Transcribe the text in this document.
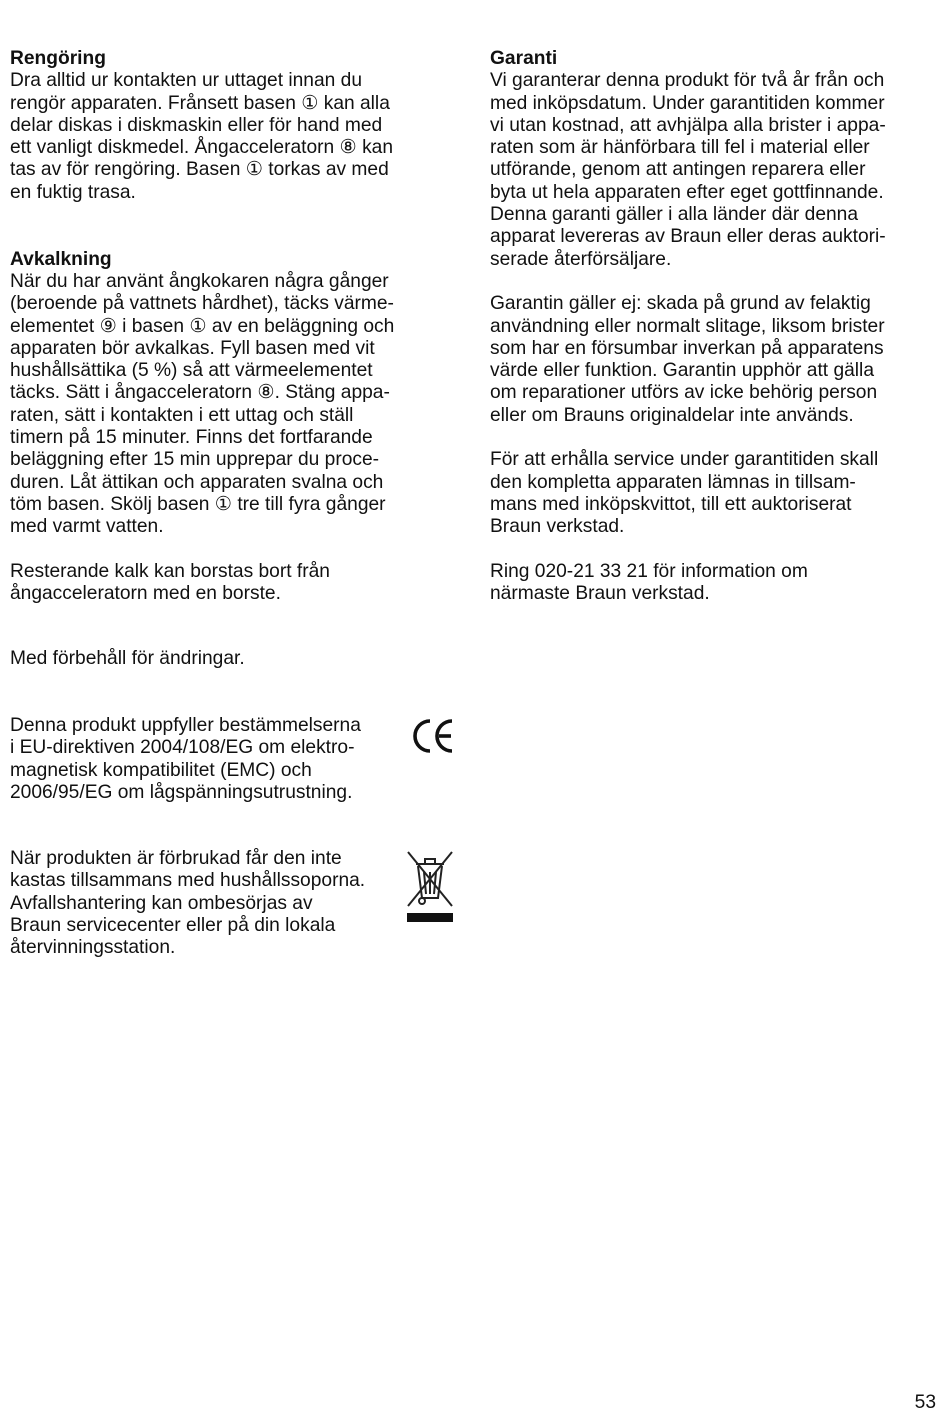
Rengöring

Dra alltid ur kontakten ur uttaget innan du
rengör apparaten. Frånsett basen ① kan alla
delar diskas i diskmaskin eller för hand med
ett vanligt diskmedel. Ångacceleratorn ⑧ kan
tas av för rengöring. Basen ① torkas av med
en fuktig trasa.

Avkalkning

När du har använt ångkokaren några gånger
(beroende på vattnets hårdhet), täcks värme-
elementet ⑨ i basen ① av en beläggning och
apparaten bör avkalkas. Fyll basen med vit
hushållsättika (5 %) så att värmeelementet
täcks. Sätt i ångacceleratorn ⑧. Stäng appa-
raten, sätt i kontakten i ett uttag och ställ
timern på 15 minuter. Finns det fortfarande
beläggning efter 15 min upprepar du proce-
duren. Låt ättikan och apparaten svalna och
töm basen. Skölj basen ① tre till fyra gånger
med varmt vatten.

Resterande kalk kan borstas bort från
ångacceleratorn med en borste.

Garanti

Vi garanterar denna produkt för två år från och
med inköpsdatum. Under garantitiden kommer
vi utan kostnad, att avhjälpa alla brister i appa-
raten som är hänförbara till fel i material eller
utförande, genom att antingen reparera eller
byta ut hela apparaten efter eget gottfinnande.
Denna garanti gäller i alla länder där denna
apparat levereras av Braun eller deras auktori-
serade återförsäljare.

Garantin gäller ej: skada på grund av felaktig
användning eller normalt slitage, liksom brister
som har en försumbar inverkan på apparatens
värde eller funktion. Garantin upphör att gälla
om reparationer utförs av icke behörig person
eller om Brauns originaldelar inte används.

För att erhålla service under garantitiden skall
den kompletta apparaten lämnas in tillsam-
mans med inköpskvittot, till ett auktoriserat
Braun verkstad.

Ring 020-21 33 21 för information om
närmaste Braun verkstad.

Med förbehåll för ändringar.

Denna produkt uppfyller bestämmelserna
i EU-direktiven 2004/108/EG om elektro-
magnetisk kompatibilitet (EMC) och
2006/95/EG om lågspänningsutrustning.

När produkten är förbrukad får den inte
kastas tillsammans med hushållssoporna.
Avfallshantering kan ombesörjas av
Braun servicecenter eller på din lokala
återvinningsstation.

53
